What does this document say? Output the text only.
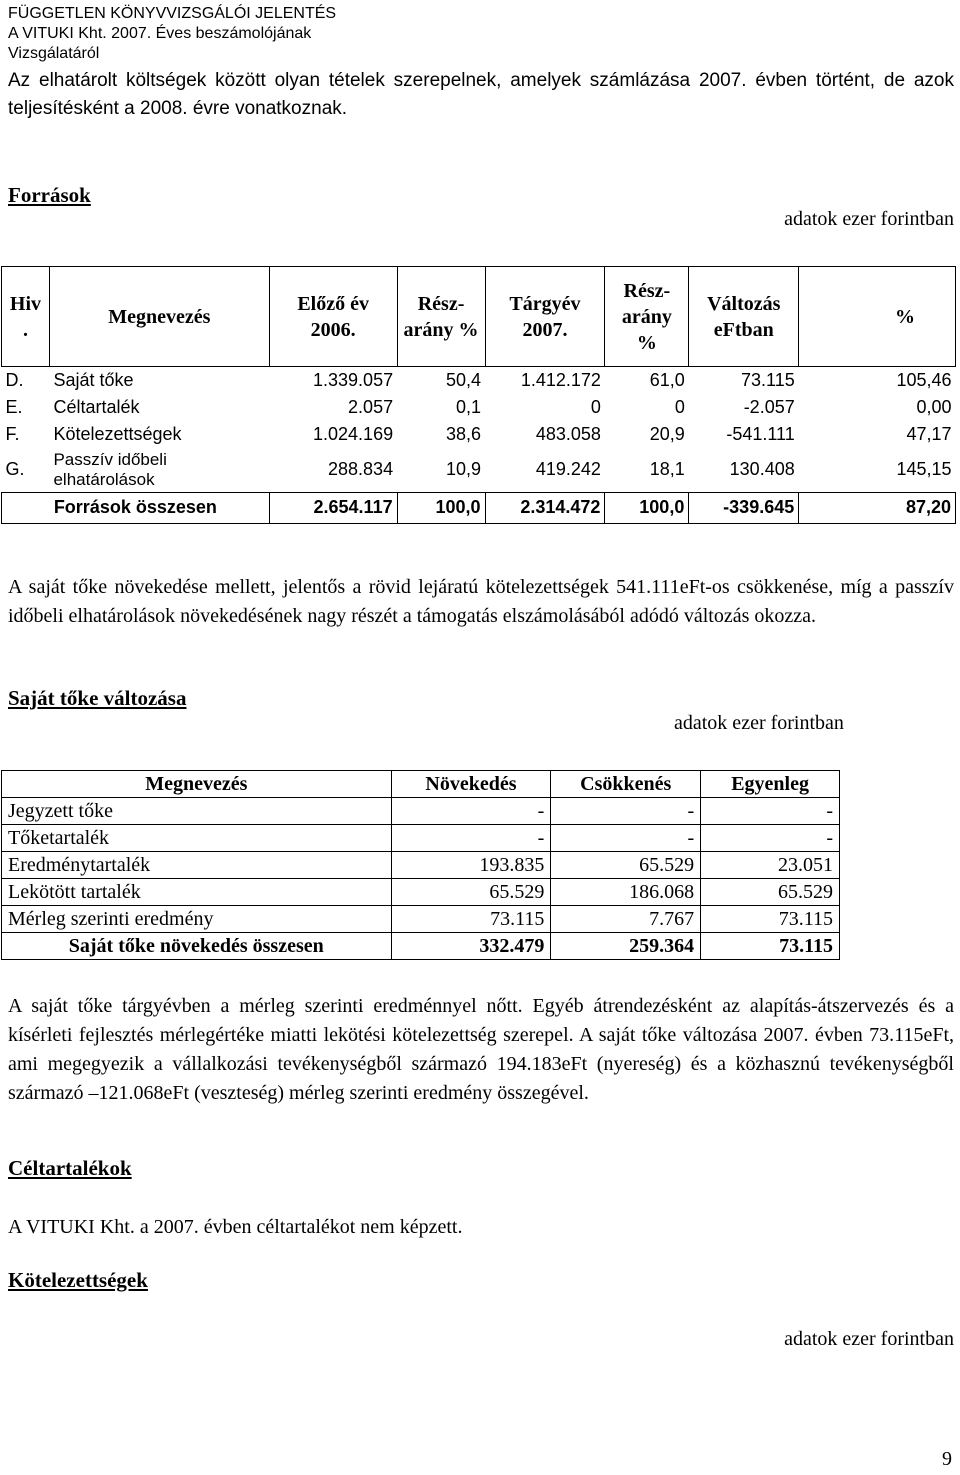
FÜGGETLEN KÖNYVVIZSGÁLÓI JELENTÉS
A VITUKI Kht. 2007. Éves beszámolójának
Vizsgálatáról
Az elhatárolt költségek között olyan tételek szerepelnek, amelyek számlázása 2007. évben történt, de azok teljesítésként a 2008. évre vonatkoznak.
Források
adatok ezer forintban
Hiv .	Megnevezés	Előző év 2006.	Rész- arány %	Tárgyév 2007.	Rész- arány %	Változás eFtban	%
D.	Saját tőke	1.339.057	50,4	1.412.172	61,0	73.115	105,46
E.	Céltartalék	2.057	0,1	0	0	-2.057	0,00
F.	Kötelezettségek	1.024.169	38,6	483.058	20,9	-541.111	47,17
G.	Passzív időbeli elhatárolások	288.834	10,9	419.242	18,1	130.408	145,15
Források összesen		2.654.117	100,0	2.314.472	100,0	-339.645	87,20
A saját tőke növekedése mellett, jelentős a rövid lejáratú kötelezettségek 541.111eFt-os csökkenése, míg a passzív időbeli elhatárolások növekedésének nagy részét a támogatás elszámolásából adódó változás okozza.
Saját tőke változása
adatok ezer forintban
Megnevezés	Növekedés	Csökkenés	Egyenleg
Jegyzett tőke	-	-	-
Tőketartalék	-	-	-
Eredménytartalék	193.835	65.529	23.051
Lekötött tartalék	65.529	186.068	65.529
Mérleg szerinti eredmény	73.115	7.767	73.115
Saját tőke növekedés összesen	332.479	259.364	73.115
A saját tőke tárgyévben a mérleg szerinti eredménnyel nőtt. Egyéb átrendezésként az alapítás-átszervezés és a kísérleti fejlesztés mérlegértéke miatti lekötési kötelezettség szerepel. A saját tőke változása 2007. évben 73.115eFt, ami megegyezik a vállalkozási tevékenységből származó 194.183eFt (nyereség) és a közhasznú tevékenységből származó –121.068eFt (veszteség) mérleg szerinti eredmény összegével.
Céltartalékok
A VITUKI Kht. a 2007. évben céltartalékot nem képzett.
Kötelezettségek
adatok ezer forintban
9
